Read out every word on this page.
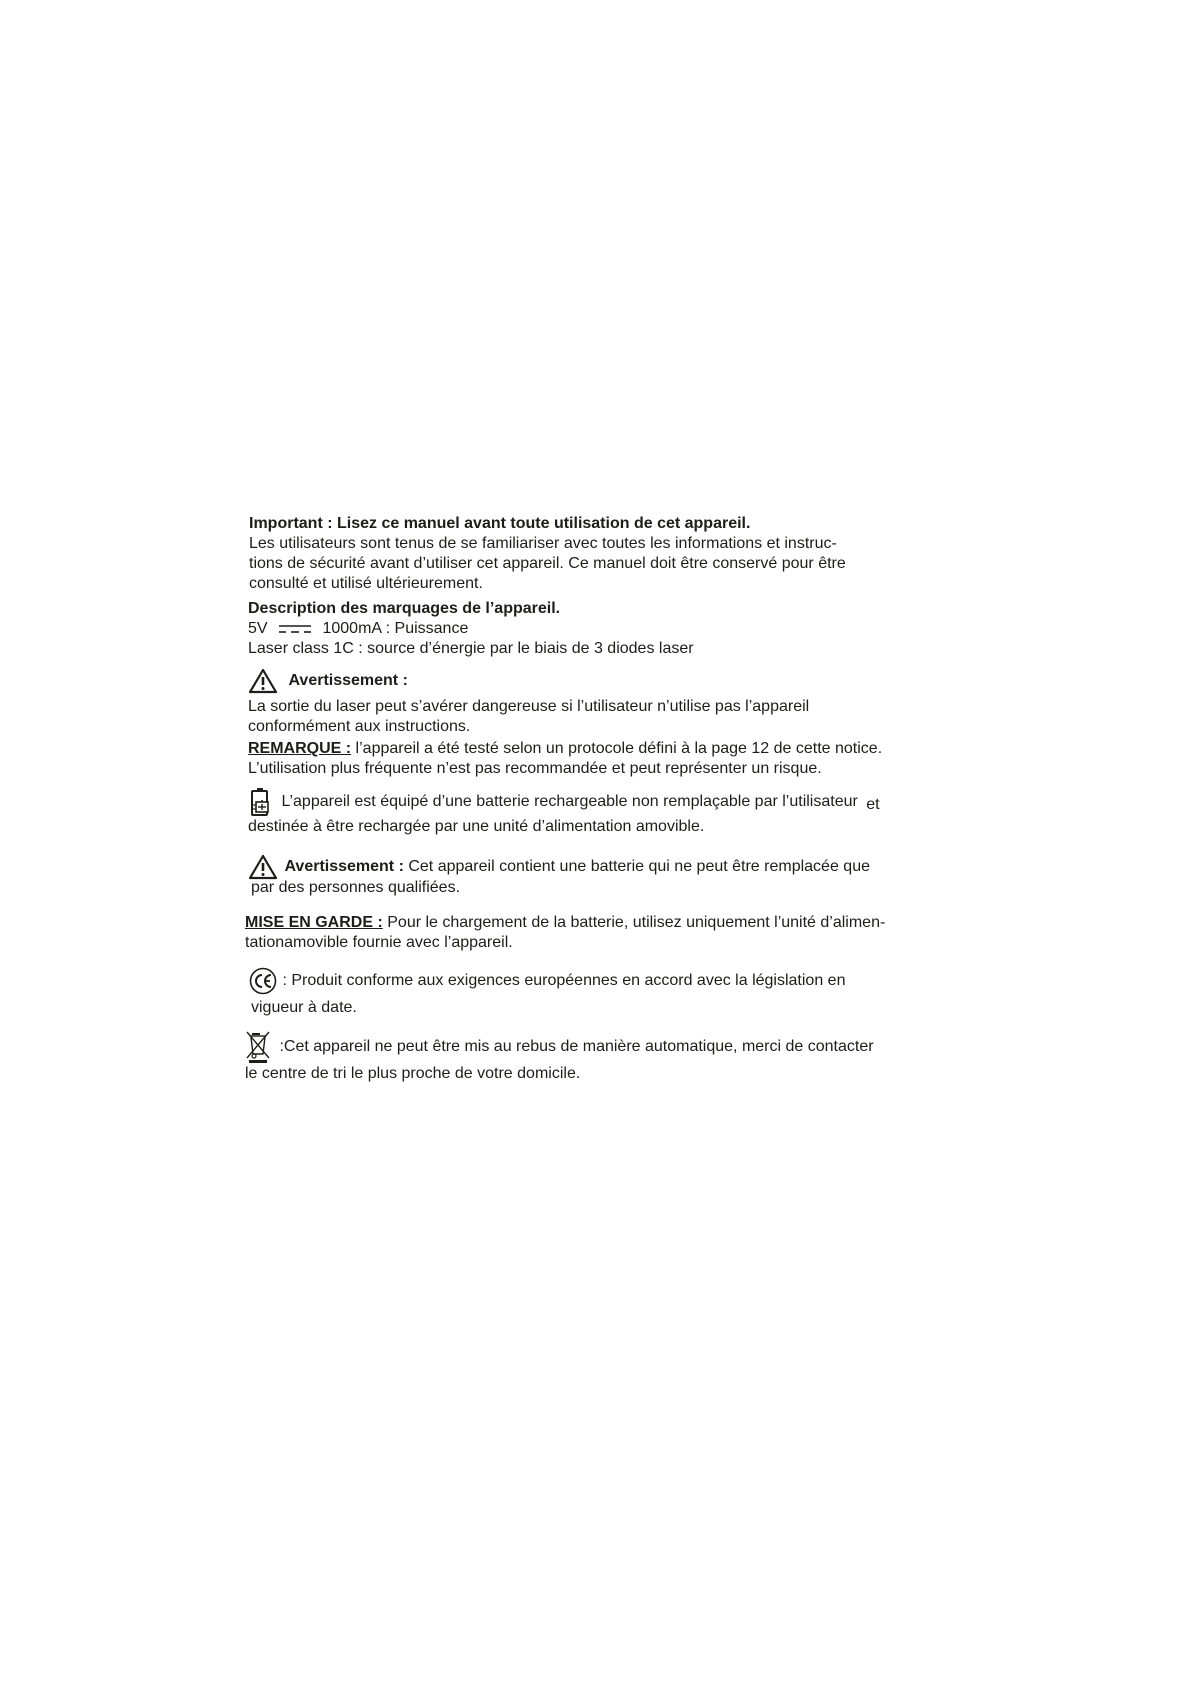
Important : Lisez ce manuel avant toute utilisation de cet appareil.
Les utilisateurs sont tenus de se familiariser avec toutes les informations et instruc-
tions de sécurité avant d’utiliser cet appareil. Ce manuel doit être conservé pour être
consulté et utilisé ultérieurement.
Description des marquages de l’appareil.
5V	1000mA : Puissance
Laser class 1C : source d’énergie par le biais de 3 diodes laser
Avertissement :
La sortie du laser peut s’avérer dangereuse si l’utilisateur n’utilise pas l’appareil
conformément aux instructions.
REMARQUE : l’appareil a été testé selon un protocole défini à la page 12 de cette notice.
L’utilisation plus fréquente n’est pas recommandée et peut représenter un risque.
L’appareil est équipé d’une batterie rechargeable non remplaçable par l’utilisateur et
destinée à être rechargée par une unité d’alimentation amovible.
Avertissement : Cet appareil contient une batterie qui ne peut être remplacée que
par des personnes qualifiées.
MISE EN GARDE : Pour le chargement de la batterie, utilisez uniquement l’unité d’alimen-
tationamovible fournie avec l’appareil.
: Produit conforme aux exigences européennes en accord avec la législation en
vigueur à date.
:Cet appareil ne peut être mis au rebus de manière automatique, merci de contacter
le centre de tri le plus proche de votre domicile.
